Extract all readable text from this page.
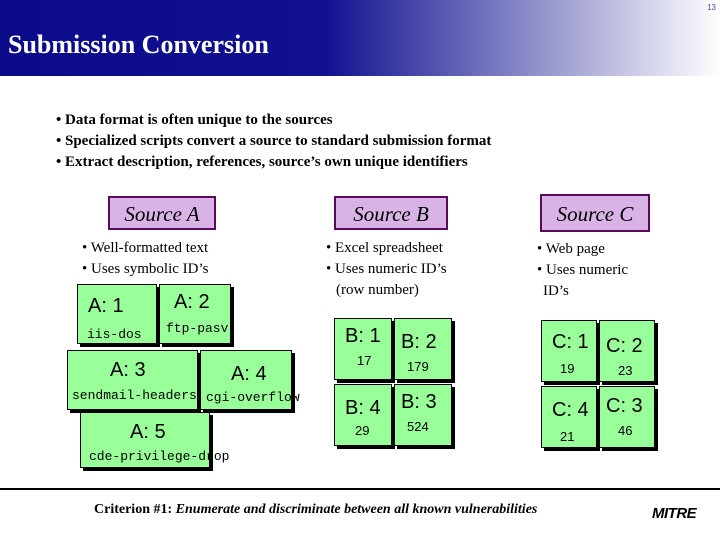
13
Submission Conversion
• Data format is often unique to the sources
• Specialized scripts convert a source to standard submission format
• Extract description, references, source’s own unique identifiers
Source A
• Well-formatted text
• Uses symbolic ID’s
A: 1
iis-dos
A: 2
ftp-pasv
A: 3
sendmail-headers
A: 4
cgi-overflow
A: 5
cde-privilege-drop
Source B
• Excel spreadsheet
• Uses numeric ID’s
(row number)
B: 1
17
B: 2
179
B: 4
29
B: 3
524
Source C
• Web page
• Uses numeric
ID’s
C: 1
19
C: 2
23
C: 4
21
C: 3
46
Criterion #1: Enumerate and discriminate between all known vulnerabilities	MITRE
